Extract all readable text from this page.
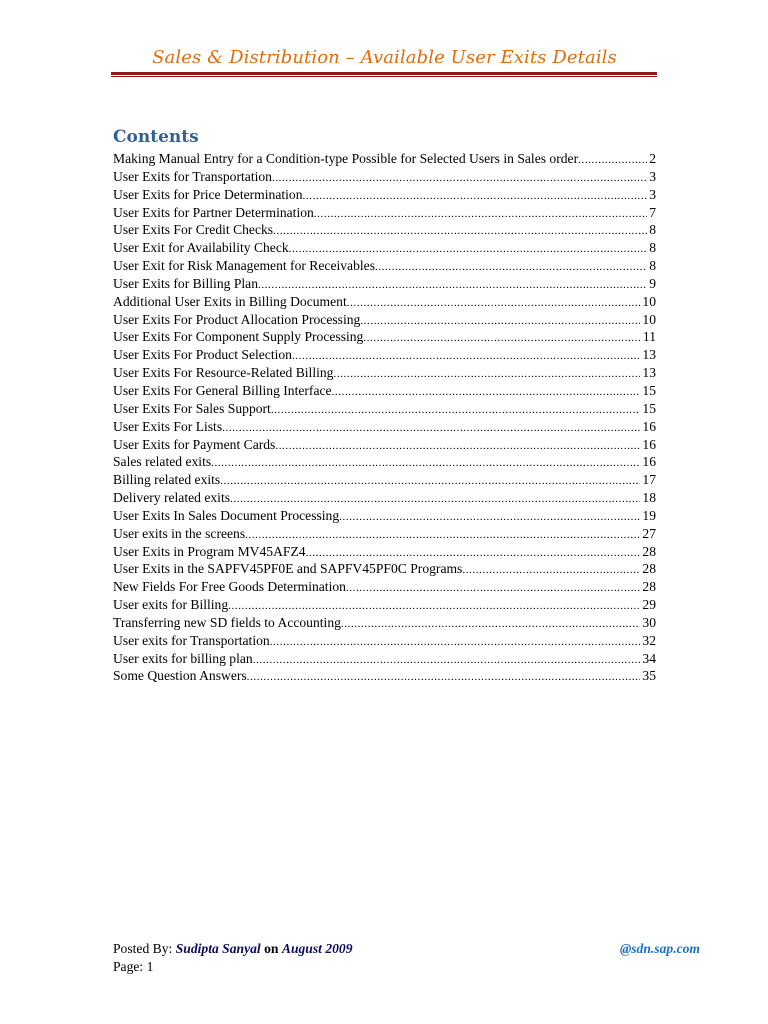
Sales & Distribution – Available User Exits Details
Contents
Making Manual Entry for a Condition-type Possible for Selected Users in Sales order .....	2
User Exits for Transportation .....	3
User Exits for Price Determination .....	3
User Exits for Partner Determination .....	7
User Exits For Credit Checks .....	8
User Exit for Availability Check .....	8
User Exit for Risk Management for Receivables .....	8
User Exits for Billing Plan .....	9
Additional User Exits in Billing Document .....	10
User Exits For Product Allocation Processing .....	10
User Exits For Component Supply Processing .....	11
User Exits For Product Selection .....	13
User Exits For Resource-Related Billing .....	13
User Exits For General Billing Interface .....	15
User Exits For Sales Support .....	15
User Exits For Lists .....	16
User Exits for Payment Cards .....	16
Sales related exits .....	16
Billing related exits .....	17
Delivery related exits .....	18
User Exits In Sales Document Processing .....	19
User exits in the screens .....	27
User Exits in Program MV45AFZ4 .....	28
User Exits in the SAPFV45PF0E and SAPFV45PF0C Programs .....	28
New Fields For Free Goods Determination .....	28
User exits for Billing .....	29
Transferring new SD fields to Accounting .....	30
User exits for Transportation .....	32
User exits for billing plan .....	34
Some Question Answers .....	35
Posted By: Sudipta Sanyal on August 2009	@sdn.sap.com
Page: 1
